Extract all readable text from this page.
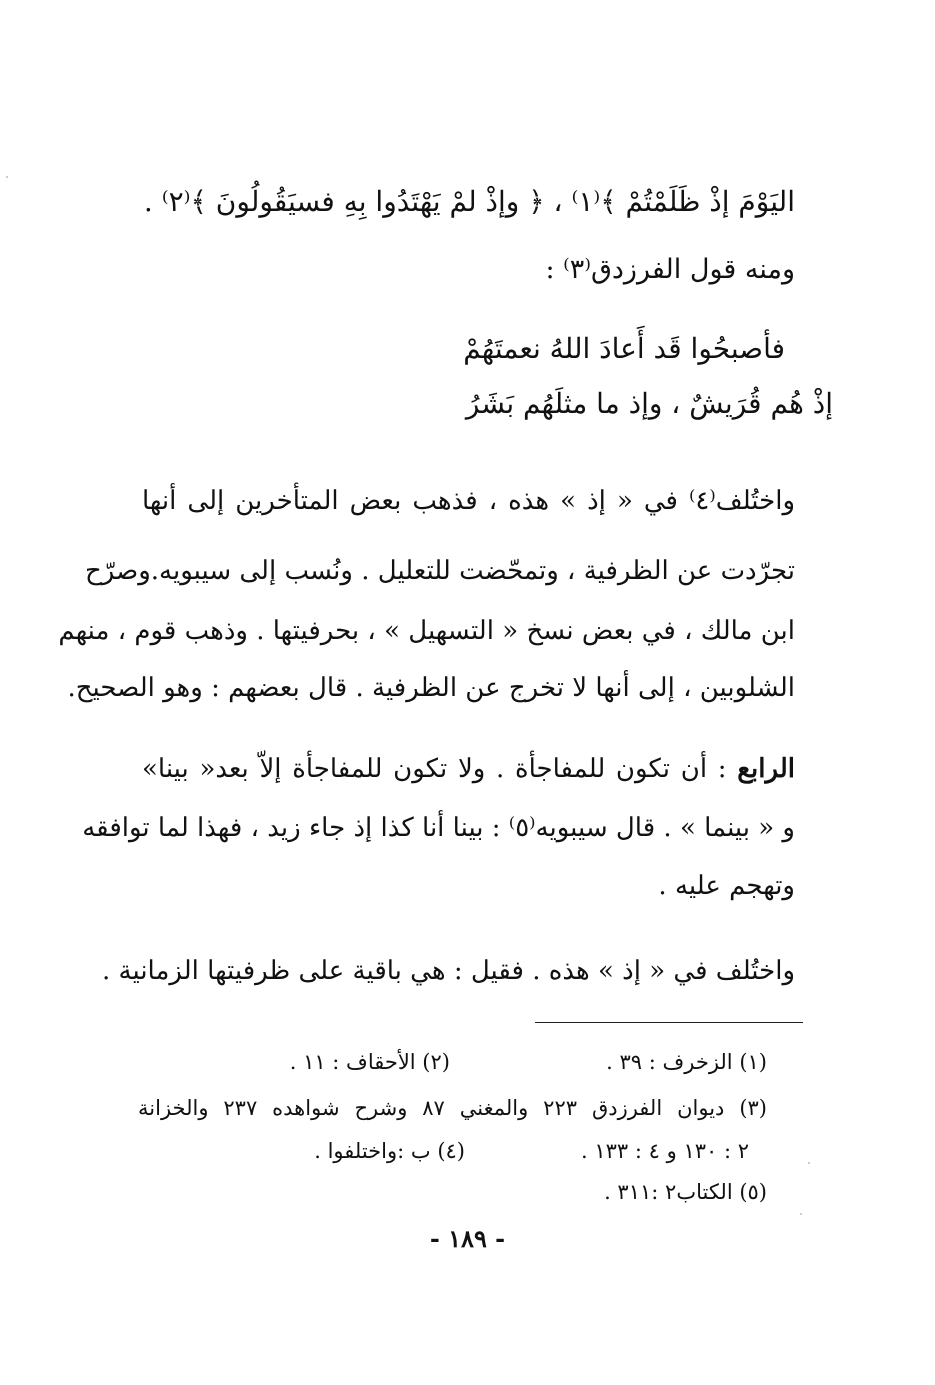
اليَوْمَ إذْ ظَلَمْتُمْ ﴾⁽١⁾ ، ﴿ وإذْ لمْ يَهْتَدُوا بِهِ فسيَقُولُونَ ﴾⁽٢⁾ .
ومنه قول الفرزدق⁽٣⁾ :
فأصبحُوا قَد أَعادَ اللهُ نعمتَهُمْ
إذْ هُم قُرَيشٌ ، وإذ ما مثلَهُم بَشَرُ
واختُلف⁽٤⁾ في « إذ » هذه ، فذهب بعض المتأخرين إلى أنها
تجرّدت عن الظرفية ، وتمحّضت للتعليل . ونُسب إلى سيبويه.وصرّح
ابن مالك ، في بعض نسخ « التسهيل » ، بحرفيتها . وذهب قوم ، منهم
الشلوبين ، إلى أنها لا تخرج عن الظرفية . قال بعضهم : وهو الصحيح.
الرابع : أن تكون للمفاجأة . ولا تكون للمفاجأة إلاّ بعد« بينا»
و « بينما » . قال سيبويه⁽٥⁾ : بينا أنا كذا إذ جاء زيد ، فهذا لما توافقه
وتهجم عليه .
واختُلف في « إذ » هذه . فقيل : هي باقية على ظرفيتها الزمانية .
(١) الزخرف : ٣٩ .
(٢) الأحقاف : ١١ .
(٣) ديوان الفرزدق ٢٢٣ والمغني ٨٧ وشرح شواهده ٢٣٧ والخزانة
٢ : ١٣٠ و ٤ : ١٣٣ .
(٤) ب :واختلفوا .
(٥) الكتاب٢ :٣١١ .
- ١٨٩ -
